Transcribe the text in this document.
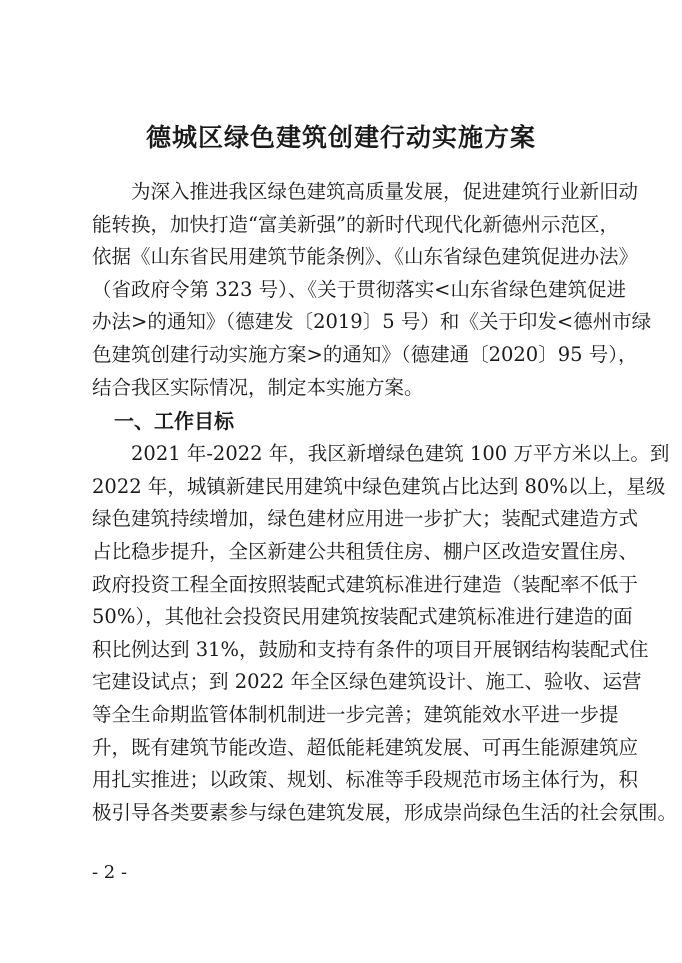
德城区绿色建筑创建行动实施方案
为深入推进我区绿色建筑高质量发展，促进建筑行业新旧动
能转换，加快打造“富美新强”的新时代现代化新德州示范区，
依据《山东省民用建筑节能条例》、《山东省绿色建筑促进办法》
（省政府令第 323 号）、《关于贯彻落实<山东省绿色建筑促进
办法>的通知》（德建发〔2019〕5 号）和《关于印发<德州市绿
色建筑创建行动实施方案>的通知》（德建通〔2020〕95 号），
结合我区实际情况，制定本实施方案。
一、工作目标
2021 年-2022 年，我区新增绿色建筑 100 万平方米以上。到
2022 年，城镇新建民用建筑中绿色建筑占比达到 80%以上，星级
绿色建筑持续增加，绿色建材应用进一步扩大；装配式建造方式
占比稳步提升，全区新建公共租赁住房、棚户区改造安置住房、
政府投资工程全面按照装配式建筑标准进行建造（装配率不低于
50%），其他社会投资民用建筑按装配式建筑标准进行建造的面
积比例达到 31%，鼓励和支持有条件的项目开展钢结构装配式住
宅建设试点；到 2022 年全区绿色建筑设计、施工、验收、运营
等全生命期监管体制机制进一步完善；建筑能效水平进一步提
升，既有建筑节能改造、超低能耗建筑发展、可再生能源建筑应
用扎实推进；以政策、规划、标准等手段规范市场主体行为，积
极引导各类要素参与绿色建筑发展，形成崇尚绿色生活的社会氛围。
- 2 -
